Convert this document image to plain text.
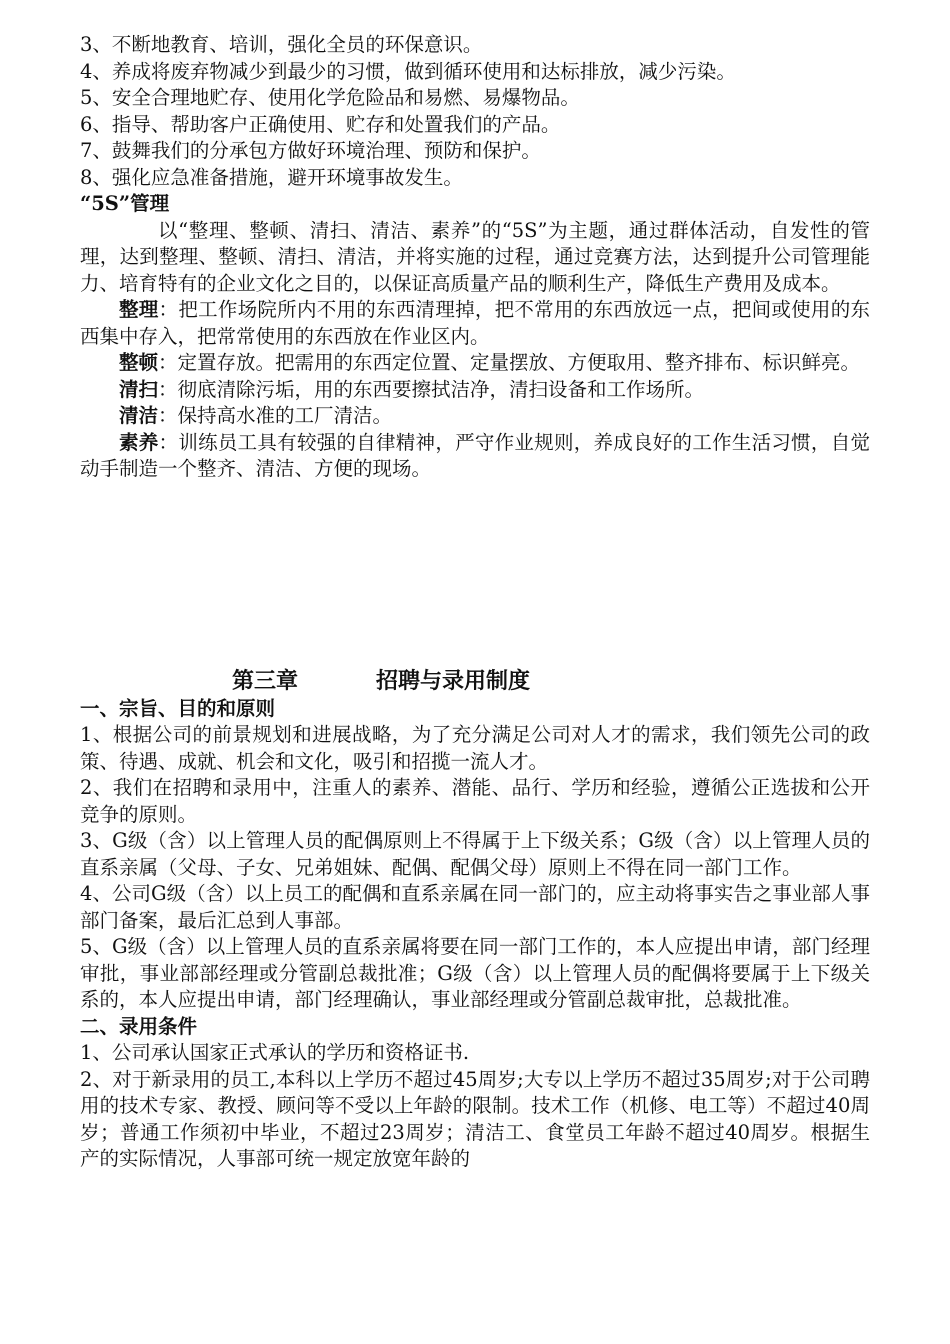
3、不断地教育、培训，强化全员的环保意识。
4、养成将废弃物减少到最少的习惯，做到循环使用和达标排放，减少污染。
5、安全合理地贮存、使用化学危险品和易燃、易爆物品。
6、指导、帮助客户正确使用、贮存和处置我们的产品。
7、鼓舞我们的分承包方做好环境治理、预防和保护。
8、强化应急准备措施，避开环境事故发生。
“5S”管理
以“整理、整顿、清扫、清洁、素养”的“5S”为主题，通过群体活动，自发性的管理，达到整理、整顿、清扫、清洁，并将实施的过程，通过竞赛方法，达到提升公司管理能力、培育特有的企业文化之目的，以保证高质量产品的顺利生产，降低生产费用及成本。
整理：把工作场院所内不用的东西清理掉，把不常用的东西放远一点，把间或使用的东西集中存入，把常常使用的东西放在作业区内。
整顿：定置存放。把需用的东西定位置、定量摆放、方便取用、整齐排布、标识鲜亮。
清扫：彻底清除污垢，用的东西要擦拭洁净，清扫设备和工作场所。
清洁：保持高水准的工厂清洁。
素养：训练员工具有较强的自律精神，严守作业规则，养成良好的工作生活习惯，自觉动手制造一个整齐、清洁、方便的现场。
第三章	招聘与录用制度
一、宗旨、目的和原则
1、根据公司的前景规划和进展战略，为了充分满足公司对人才的需求，我们领先公司的政策、待遇、成就、机会和文化，吸引和招揽一流人才。
2、我们在招聘和录用中，注重人的素养、潜能、品行、学历和经验，遵循公正选拔和公开竞争的原则。
3、G级（含）以上管理人员的配偶原则上不得属于上下级关系；G级（含）以上管理人员的直系亲属（父母、子女、兄弟姐妹、配偶、配偶父母）原则上不得在同一部门工作。
4、公司G级（含）以上员工的配偶和直系亲属在同一部门的，应主动将事实告之事业部人事部门备案，最后汇总到人事部。
5、G级（含）以上管理人员的直系亲属将要在同一部门工作的，本人应提出申请，部门经理审批，事业部部经理或分管副总裁批准；G级（含）以上管理人员的配偶将要属于上下级关系的，本人应提出申请，部门经理确认，事业部经理或分管副总裁审批，总裁批准。
二、录用条件
1、公司承认国家正式承认的学历和资格证书.
2、对于新录用的员工,本科以上学历不超过45周岁;大专以上学历不超过35周岁;对于公司聘用的技术专家、教授、顾问等不受以上年龄的限制。技术工作（机修、电工等）不超过40周岁；普通工作须初中毕业，不超过23周岁；清洁工、食堂员工年龄不超过40周岁。根据生产的实际情况，人事部可统一规定放宽年龄的
